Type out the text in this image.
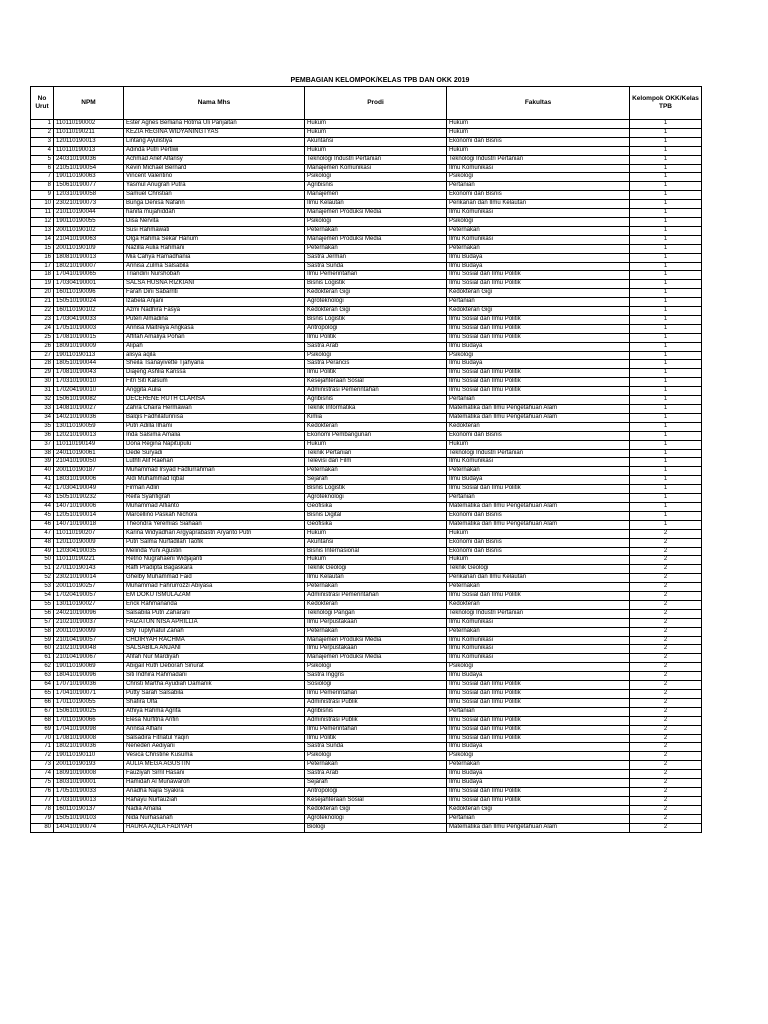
PEMBAGIAN KELOMPOK/KELAS TPB DAN OKK 2019
No Urut	NPM	Nama Mhs	Prodi	Fakultas	Kelompok OKK/Kelas TPB
1	110110190002	Ester Agnes Berliana Hotma Uli Panjaitan	Hukum	Hukum	1
2	110110190211	KEZIA REGINA WIDYANINGTYAS	Hukum	Hukum	1
3	120110190013	Lintang Ayulistiya	Akuntansi	Ekonomi dan Bisnis	1
4	110110190013	Adinda Putri Pertiwi	Hukum	Hukum	1
5	240310190036	Achmad Arief Alfarisy	Teknologi Industri Pertanian	Teknologi Industri Pertanian	1
6	210510190054	Kevin Michael Bernard	Manajemen Komunikasi	Ilmu Komunikasi	1
7	190110190063	Vincent Valentino	Psikologi	Psikologi	1
8	150610190077	Yasmul Anugrah Putra	Agribisnis	Pertanian	1
9	120310190058	Samuel Christian	Manajemen	Ekonomi dan Bisnis	1
10	230210190073	Bunga Denisa Nafarin	Ilmu Kelautan	Perikanan dan Ilmu Kelautan	1
11	210110190044	hanifa mujahiddah	Manajemen Produksi Media	Ilmu Komunikasi	1
12	190110190055	Disa Nervita	Psikologi	Psikologi	1
13	200110190102	Susi Rahmawati	Peternakan	Peternakan	1
14	210410190063	Olga Rahma Sekar Hanum	Manajemen Produksi Media	Ilmu Komunikasi	1
15	200110190109	Nazilla Aulia Rahmani	Peternakan	Peternakan	1
16	180810190013	Mia Cahya Ramadhania	Sastra Jerman	Ilmu Budaya	1
17	180210190007	Annisa Zulma Salsabila	Sastra Sunda	Ilmu Budaya	1
18	170410190065	Triandini Nurshobah	Ilmu Pemerintahan	Ilmu Sosial dan Ilmu Politik	1
19	170304190001	SALSA HUSNA RIZKIANI	Bisnis Logistik	Ilmu Sosial dan Ilmu Politik	1
20	160110190096	Farah Dini Sabarriti	Kedokteran Gigi	Kedokteran Gigi	1
21	150510190024	Izabela Anjani	Agroteknologi	Pertanian	1
22	160110190102	Azmi Nadhira Fasya	Kedokteran Gigi	Kedokteran Gigi	1
23	170304190033	Puteri Almadina	Bisnis Logistik	Ilmu Sosial dan Ilmu Politik	1
24	170510190003	Annisa Maitreya Angkasa	Antropologi	Ilmu Sosial dan Ilmu Politik	1
25	170810190015	Affifah Amaliya Pohan	Ilmu Politik	Ilmu Sosial dan Ilmu Politik	1
26	180910190009	Alipah	Sastra Arab	Ilmu Budaya	1
27	190110190113	alisya aqila	Psikologi	Psikologi	1
28	180510190044	Sheila Tsanayivette Tjahyana	Sastra Perancis	Ilmu Budaya	1
29	170810190043	Diajeng Ashlia Kanssa	Ilmu Politik	Ilmu Sosial dan Ilmu Politik	1
30	170310190010	Fitri Siti Kalsum	Kesejahteraan Sosial	Ilmu Sosial dan Ilmu Politik	1
31	170204190010	Anggita Aulia	Administrasi Pemerintahan	Ilmu Sosial dan Ilmu Politik	1
32	150610190082	DECERENE RUTH CLARISA	Agribisnis	Pertanian	1
33	140810190027	Zahra Chaira Hermawan	Teknik Informatika	Matematika dan Ilmu Pengetahuan Alam	1
34	140210190036	Balqis Fadhilatunnisa	Kimia	Matematika dan Ilmu Pengetahuan Alam	1
35	130110190059	Putri Adilla Ilhami	Kedokteran	Kedokteran	1
36	120210190013	Inda Salsima Amalia	Ekonomi Pembangunan	Ekonomi dan Bisnis	1
37	110110190149	Dona Regina Napitupulu	Hukum	Hukum	1
38	240110190061	Dede Suryadi	Teknik Pertanian	Teknologi Industri Pertanian	1
39	210410190050	Luthfi Alif Raehan	Televisi dan Film	Ilmu Komunikasi	1
40	200110190187	Muhammad Irsyad Fadlurrahman	Peternakan	Peternakan	1
41	180310190006	Aldi Muhammad Iqbal	Sejarah	Ilmu Budaya	1
42	170304190049	Firman Adlin	Bisnis Logistik	Ilmu Sosial dan Ilmu Politik	1
43	150510190232	Reifa Syahfigrah	Agroteknologi	Pertanian	1
44	140710190006	Muhammad Alfianto	Geofisika	Matematika dan Ilmu Pengetahuan Alam	1
45	120510190014	Marcellino Paskah Nichora	Bisnis Digital	Ekonomi dan Bisnis	1
46	140710190018	Theondra Yeremias Siahaan	Geofisika	Matematika dan Ilmu Pengetahuan Alam	1
47	110110190207	Karina Widyadhari Argyaprabastri Aryanto Putri	Hukum	Hukum	2
48	120110190009	Putri Salma Nurfadilah Taofik	Akuntansi	Ekonomi dan Bisnis	2
49	120304190035	Melinda Yuni Agustin	Bisnis Internasional	Ekonomi dan Bisnis	2
50	110110190221	Retno Nugrahaeni Widjajanti	Hukum	Hukum	2
51	270110190143	Raffi Pradipta Bagaskara	Teknik Geologi	Teknik Geologi	2
52	230210190014	Ghelby Muhammad Faid	Ilmu Kelautan	Perikanan dan Ilmu Kelautan	2
53	200110190257	Muhammad Fahrurrozzi Abiyasa	Peternakan	Peternakan	2
54	170204190057	EM DOKU ISMULAZAM	Administrasi Pemerintahan	Ilmu Sosial dan Ilmu Politik	2
55	130110190027	Erick Rahmananda	Kedokteran	Kedokteran	2
56	240210190096	Salsabila Putri Zaharani	Teknologi Pangan	Teknologi Industri Pertanian	2
57	210210190037	FAIZATUN NISA APRILLIA	Ilmu Perpustakaan	Ilmu Komunikasi	2
58	200110190099	Sity Tuplyhatul Zanah	Peternakan	Peternakan	2
59	210104190057	CHOIRYAH RACHMA	Manajemen Produksi Media	Ilmu Komunikasi	2
60	210210190048	SALSABILA ANJANI	Ilmu Perpustakaan	Ilmu Komunikasi	2
61	210104190067	Afifah Nur Mardiyah	Manajemen Produksi Media	Ilmu Komunikasi	2
62	190110190069	Abigail Ruth Deborah Sinurat	Psikologi	Psikologi	2
63	180410190096	Siti Indhira Rahmadani	Sastra Inggris	Ilmu Budaya	2
64	170710190036	Christi Martha Ayudiah Damanik	Sosiologi	Ilmu Sosial dan Ilmu Politik	2
65	170410190071	Putty Sarah Salsabila	Ilmu Pemerintahan	Ilmu Sosial dan Ilmu Politik	2
66	170110190055	Shafira Ulfa	Administrasi Publik	Ilmu Sosial dan Ilmu Politik	2
67	150610190025	Athiya Rahma Agrifa	Agribisnis	Pertanian	2
68	170110190066	Elesa Nurfitria Arifin	Administrasi Publik	Ilmu Sosial dan Ilmu Politik	2
69	170410190098	Annisa Alfiani	Ilmu Pemerintahan	Ilmu Sosial dan Ilmu Politik	2
70	170810190008	Salsadira Fitriatul Yaqin	Ilmu Politik	Ilmu Sosial dan Ilmu Politik	2
71	180210190036	Neneden Aediyani	Sastra Sunda	Ilmu Budaya	2
72	190110190110	Vesica Christine Kusuma	Psikologi	Psikologi	2
73	200110190193	AULIA MEGA AGUSTIN	Peternakan	Peternakan	2
74	180910190008	Fauziyah Sirril Hasani	Sastra Arab	Ilmu Budaya	2
75	180310190001	Hamidah Al Munawaroh	Sejarah	Ilmu Budaya	2
76	170510190033	Ariadha Najla Syakira	Antropologi	Ilmu Sosial dan Ilmu Politik	2
77	170310190013	Rahayu Nurfauziah	Kesejahteraan Sosial	Ilmu Sosial dan Ilmu Politik	2
78	160110190137	Nadia Amalia	Kedokteran Gigi	Kedokteran Gigi	2
79	150510190103	Nida Nurhasanah	Agroteknologi	Pertanian	2
80	140410190074	HAURA AQILA FADIYAH	Biologi	Matematika dan Ilmu Pengetahuan Alam	2
